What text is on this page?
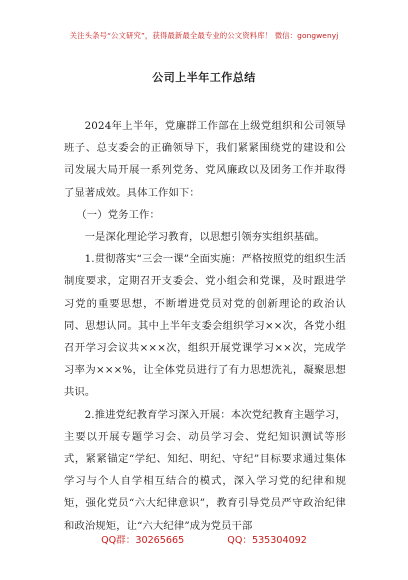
关注头条号“公文研究”，获得最新最全最专业的公文资料库！ 微信：gongwenyj
公司上半年工作总结

2024年上半年，党廉群工作部在上级党组织和公司领导班子、总支委会的正确领导下，我们紧紧围绕党的建设和公司发展大局开展一系列党务、党风廉政以及团务工作并取得了显著成效。具体工作如下：

（一）党务工作：

一是深化理论学习教育，以思想引领夯实组织基础。

1.贯彻落实“三会一课”全面实施：严格按照党的组织生活制度要求，定期召开支委会、党小组会和党课，及时跟进学习党的重要思想，不断增进党员对党的创新理论的政治认同、思想认同。其中上半年支委会组织学习××次，各党小组召开学习会议共×××次，组织开展党课学习××次，完成学习率为×××%，让全体党员进行了有力思想洗礼，凝聚思想共识。

2.推进党纪教育学习深入开展：本次党纪教育主题学习，主要以开展专题学习会、动员学习会、党纪知识测试等形式，紧紧锚定“学纪、知纪、明纪、守纪”目标要求通过集体学习与个人自学相互结合的模式，深入学习党的纪律和规矩，强化党员“六大纪律意识”，教育引导党员严守政治纪律和政治规矩，让“六大纪律”成为党员干部

QQ群：30265665	QQ：535304092
